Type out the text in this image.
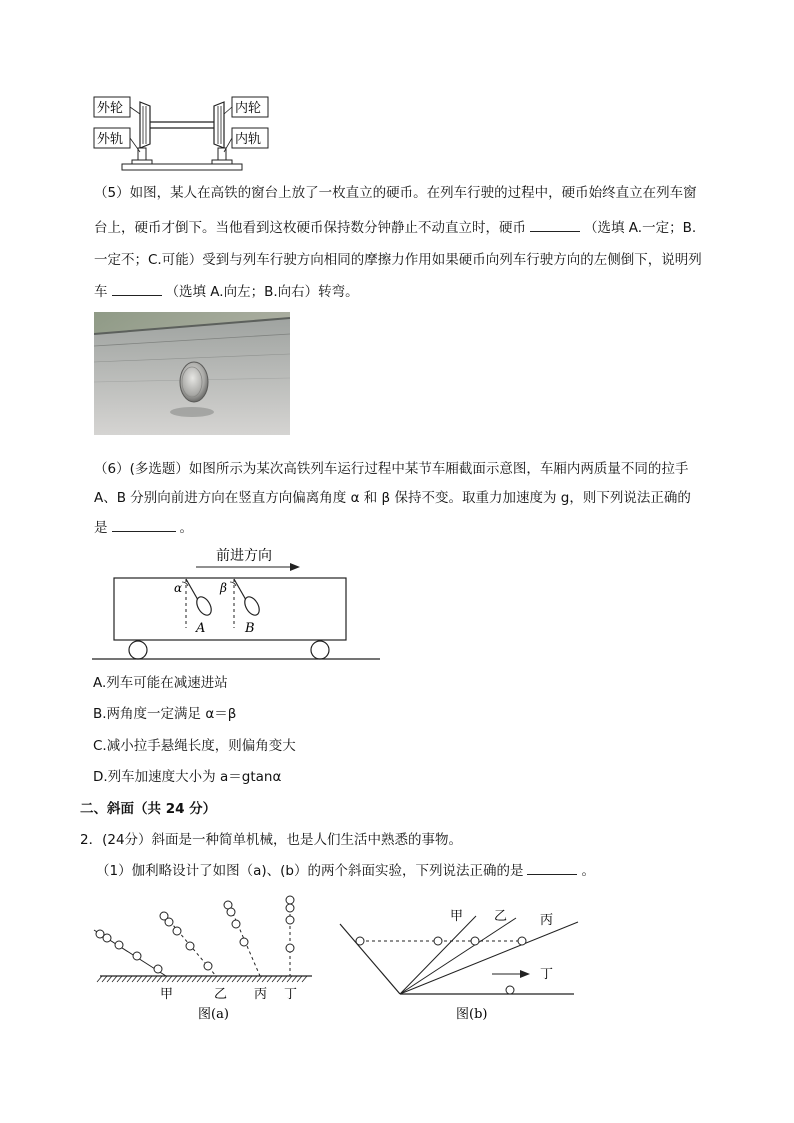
外轮
外轨
内轮
内轨
（5）如图，某人在高铁的窗台上放了一枚直立的硬币。在列车行驶的过程中，硬币始终直立在列车窗
台上，硬币才倒下。当他看到这枚硬币保持数分钟静止不动直立时，硬币	（选填 A.一定；B.
一定不；C.可能）受到与列车行驶方向相同的摩擦力作用如果硬币向列车行驶方向的左侧倒下，说明列
车	（选填 A.向左；B.向右）转弯。
（6）(多选题）如图所示为某次高铁列车运行过程中某节车厢截面示意图，车厢内两质量不同的拉手
A、B 分别向前进方向在竖直方向偏离角度 α 和 β 保持不变。取重力加速度为 g，则下列说法正确的
是	。
前进方向
α
A
β
B
A.列车可能在减速进站
B.两角度一定满足 α＝β
C.减小拉手悬绳长度，则偏角变大
D.列车加速度大小为 a＝gtanα
二、斜面（共 24 分）
2．(24分）斜面是一种简单机械，也是人们生活中熟悉的事物。
（1）伽利略设计了如图（a)、(b）的两个斜面实验，下列说法正确的是	。
甲	乙 丙 丁
图(a)
甲 乙	丙
丁
图(b)
